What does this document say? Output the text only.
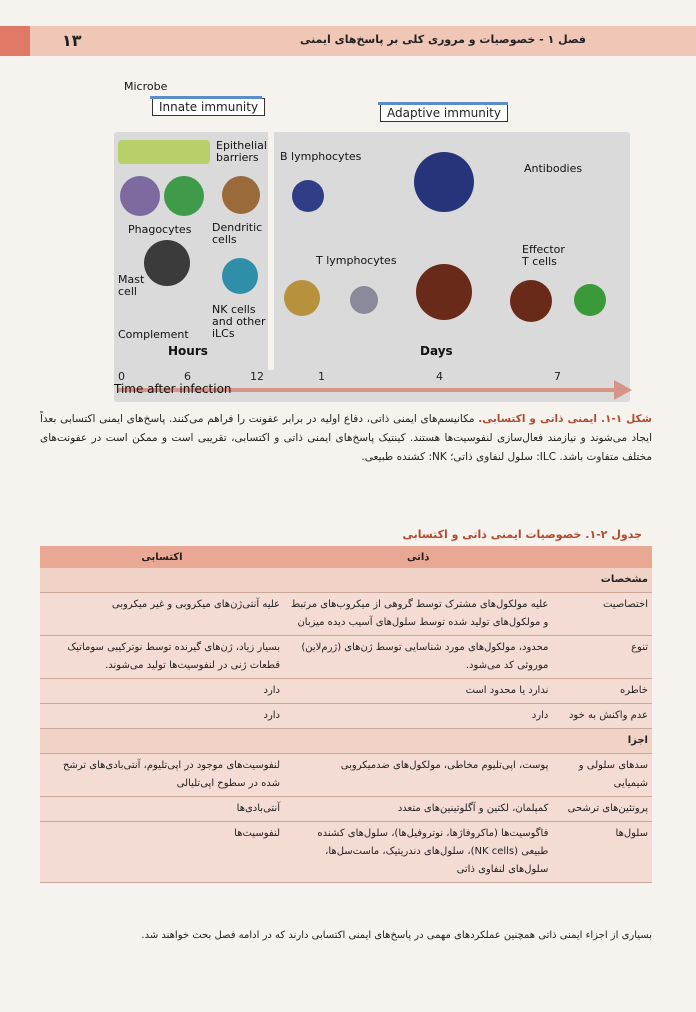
۱۳	فصل ۱ - خصوصیات و مروری کلی بر پاسخ‌های ایمنی
Microbe
Innate immunity	Adaptive immunity
Epithelial
barriers
Phagocytes Dendritic
cells
Mast
cell
NK cells
and other
iLCs
Complement
Hours
B lymphocytes
Antibodies
T lymphocytes
Effector
T cells
Days
0	6	12	1	4	7
Time after infection
شکل ۱-۱. ایمنی ذاتی و اکتسابی. مکانیسم‌های ایمنی ذاتی، دفاع اولیه در برابر عفونت را فراهم می‌کنند. پاسخ‌های ایمنی اکتسابی بعداً ایجاد می‌شوند و نیازمند فعال‌سازی لنفوسیت‌ها هستند. کینتیک پاسخ‌های ایمنی ذاتی و اکتسابی، تقریبی است و ممکن است در عفونت‌های مختلف متفاوت باشد. ILC: سلول لنفاوی ذاتی؛ NK: کشنده طبیعی.
جدول ۲-۱. خصوصیات ایمنی ذاتی و اکتسابی
	ذاتی	اکتسابی
مشخصات		
اختصاصیت	علیه مولکول‌های مشترک توسط گروهی از میکروب‌های مرتبط و مولکول‌های تولید شده توسط سلول‌های آسیب دیده میزبان	علیه آنتی‌ژن‌های میکروبی و غیر میکروبی
تنوع	محدود، مولکول‌های مورد شناسایی توسط ژن‌های (ژرم‌لاین) موروثی کد می‌شود.	بسیار زیاد، ژن‌های گیرنده توسط نوترکیبی سوماتیک قطعات ژنی در لنفوسیت‌ها تولید می‌شوند.
خاطره	ندارد یا محدود است	دارد
عدم واکنش به خود	دارد	دارد
اجزا		
سدهای سلولی و شیمیایی	پوست، اپی‌تلیوم مخاطی، مولکول‌های ضدمیکروبی	لنفوسیت‌های موجود در اپی‌تلیوم، آنتی‌بادی‌های ترشح شده در سطوح اپی‌تلیالی
پروتئین‌های ترشحی	کمپلمان، لکتین و آگلوتینین‌های متعدد	آنتی‌بادی‌ها
سلول‌ها	فاگوسیت‌ها (ماکروفاژها، نوتروفیل‌ها)، سلول‌های کشنده طبیعی (NK cells)، سلول‌های دندریتیک، ماست‌سل‌ها، سلول‌های لنفاوی ذاتی	لنفوسیت‌ها
بسیاری از اجزاء ایمنی ذاتی همچنین عملکردهای مهمی در پاسخ‌های ایمنی اکتسابی دارند که در ادامه فصل بحث خواهند شد.
